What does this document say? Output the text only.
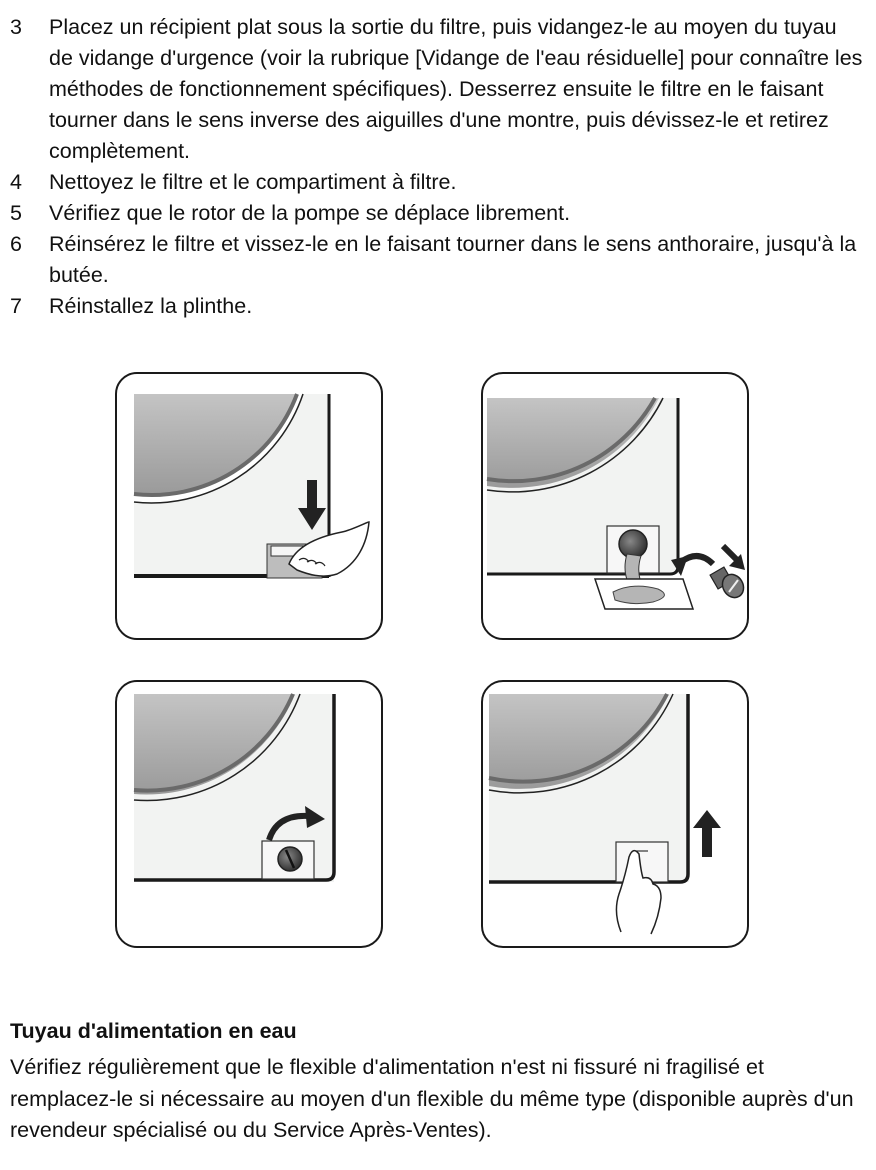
3 Placez un récipient plat sous la sortie du filtre, puis vidangez-le au moyen du tuyau de vidange d'urgence (voir la rubrique [Vidange de l'eau résiduelle] pour connaître les méthodes de fonctionnement spécifiques). Desserrez ensuite le filtre en le faisant tourner dans le sens inverse des aiguilles d'une montre, puis dévissez-le et retirez complètement.
4 Nettoyez le filtre et le compartiment à filtre.
5 Vérifiez que le rotor de la pompe se déplace librement.
6 Réinsérez le filtre et vissez-le en le faisant tourner dans le sens anthoraire, jusqu'à la butée.
7 Réinstallez la plinthe.
Tuyau d'alimentation en eau
Vérifiez régulièrement que le flexible d'alimentation n'est ni fissuré ni fragilisé et remplacez-le si nécessaire au moyen d'un flexible du même type (disponible auprès d'un revendeur spécialisé ou du Service Après-Ventes).
